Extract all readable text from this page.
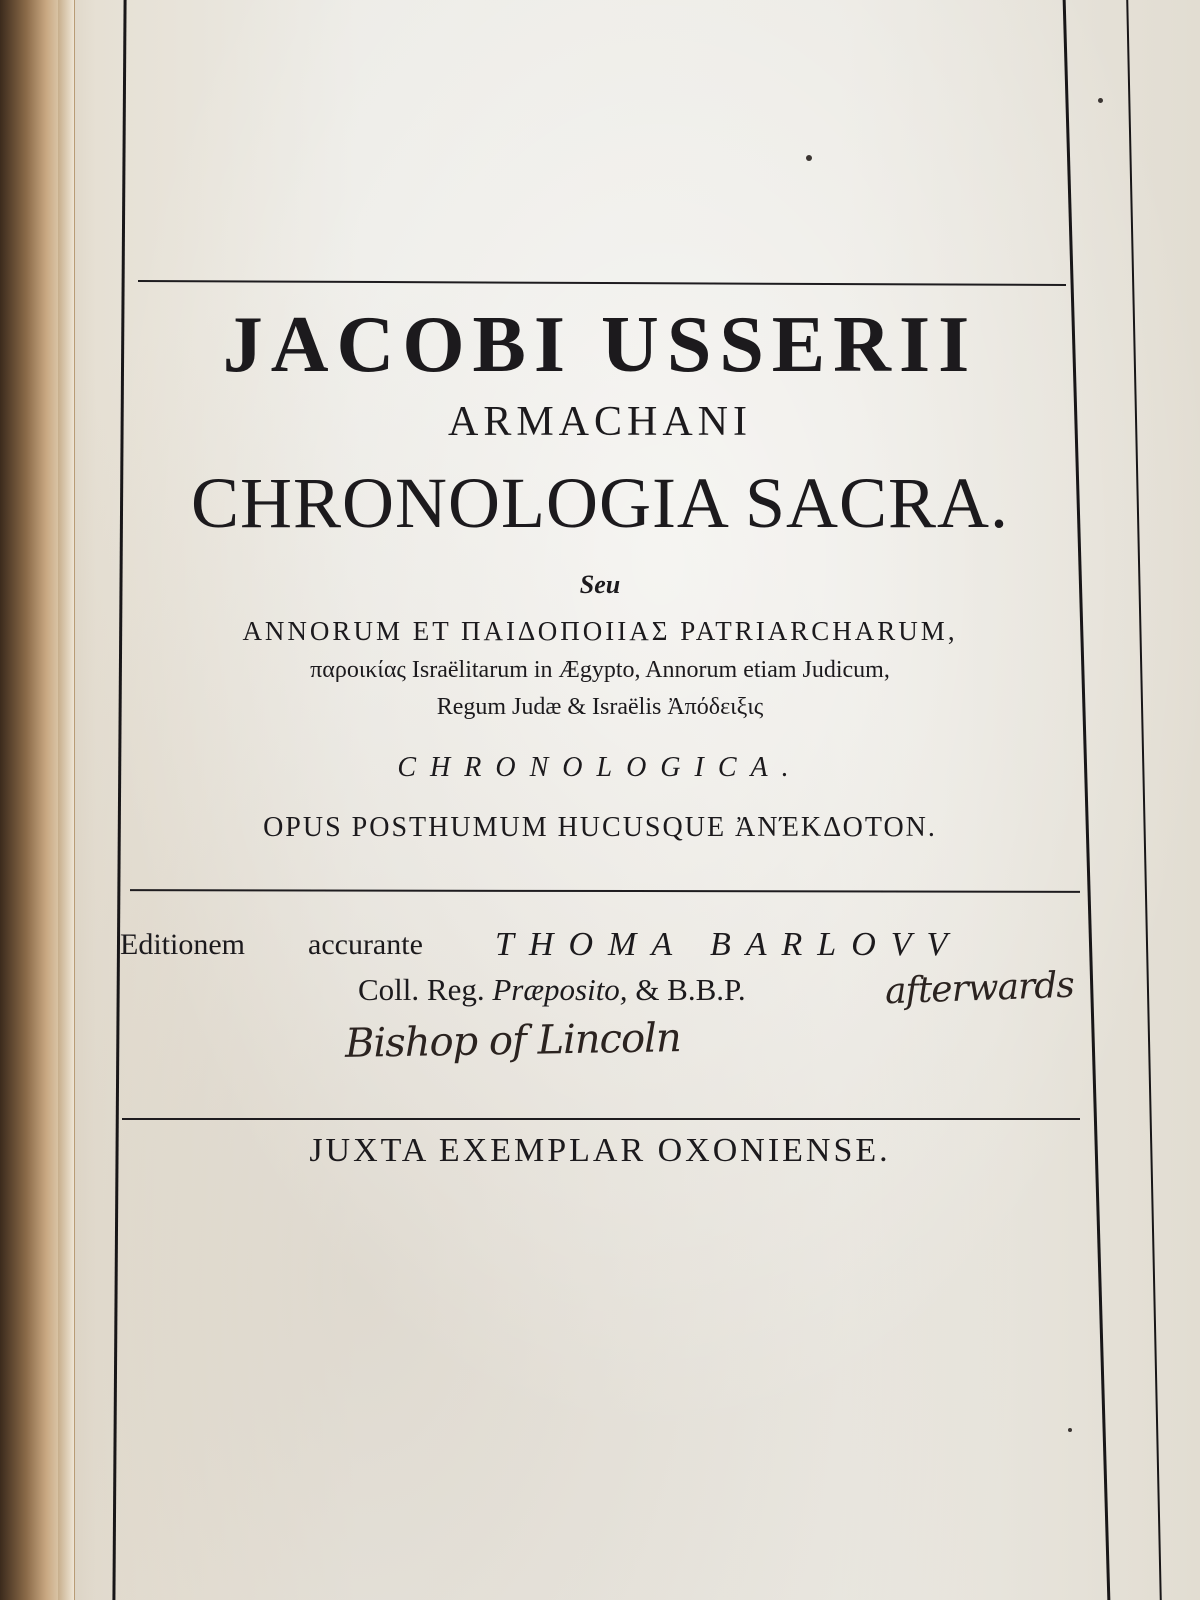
JACOBI USSERII
ARMACHANI
CHRONOLOGIA SACRA.
Seu
ANNORUM ET ΠΑΙΔΟΠΟΙΙΑΣ PATRIARCHARUM,
παροικίας Israëlitarum in Ægypto, Annorum etiam Judicum,
Regum Judæ & Israëlis Ἀπόδειξις
CHRONOLOGICA.
OPUS POSTHUMUM HUCUSQUE ἈΝΈΚΔΟΤΟΝ.
Editionem accurante THOMA BARLOVV
Coll. Reg. Præposito, & B.B.P.	afterwards
Bishop of Lincoln
JUXTA EXEMPLAR OXONIENSE.
